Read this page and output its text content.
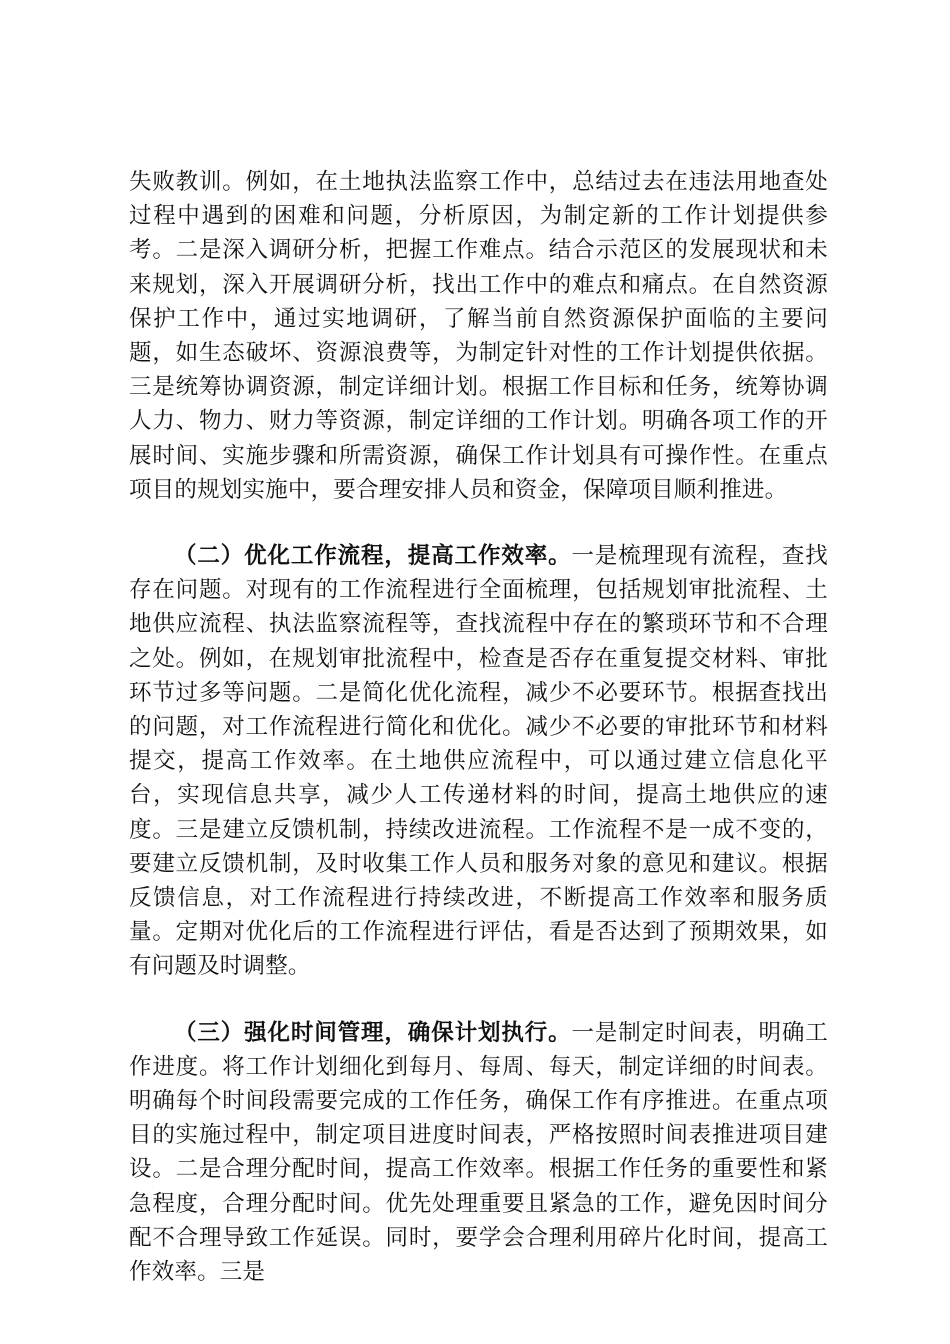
失败教训。例如，在土地执法监察工作中，总结过去在违法用地查处过程中遇到的困难和问题，分析原因，为制定新的工作计划提供参考。二是深入调研分析，把握工作难点。结合示范区的发展现状和未来规划，深入开展调研分析，找出工作中的难点和痛点。在自然资源保护工作中，通过实地调研，了解当前自然资源保护面临的主要问题，如生态破坏、资源浪费等，为制定针对性的工作计划提供依据。三是统筹协调资源，制定详细计划。根据工作目标和任务，统筹协调人力、物力、财力等资源，制定详细的工作计划。明确各项工作的开展时间、实施步骤和所需资源，确保工作计划具有可操作性。在重点项目的规划实施中，要合理安排人员和资金，保障项目顺利推进。

（二）优化工作流程，提高工作效率。一是梳理现有流程，查找存在问题。对现有的工作流程进行全面梳理，包括规划审批流程、土地供应流程、执法监察流程等，查找流程中存在的繁琐环节和不合理之处。例如，在规划审批流程中，检查是否存在重复提交材料、审批环节过多等问题。二是简化优化流程，减少不必要环节。根据查找出的问题，对工作流程进行简化和优化。减少不必要的审批环节和材料提交，提高工作效率。在土地供应流程中，可以通过建立信息化平台，实现信息共享，减少人工传递材料的时间，提高土地供应的速度。三是建立反馈机制，持续改进流程。工作流程不是一成不变的，要建立反馈机制，及时收集工作人员和服务对象的意见和建议。根据反馈信息，对工作流程进行持续改进，不断提高工作效率和服务质量。定期对优化后的工作流程进行评估，看是否达到了预期效果，如有问题及时调整。

（三）强化时间管理，确保计划执行。一是制定时间表，明确工作进度。将工作计划细化到每月、每周、每天，制定详细的时间表。明确每个时间段需要完成的工作任务，确保工作有序推进。在重点项目的实施过程中，制定项目进度时间表，严格按照时间表推进项目建设。二是合理分配时间，提高工作效率。根据工作任务的重要性和紧急程度，合理分配时间。优先处理重要且紧急的工作，避免因时间分配不合理导致工作延误。同时，要学会合理利用碎片化时间，提高工作效率。三是
